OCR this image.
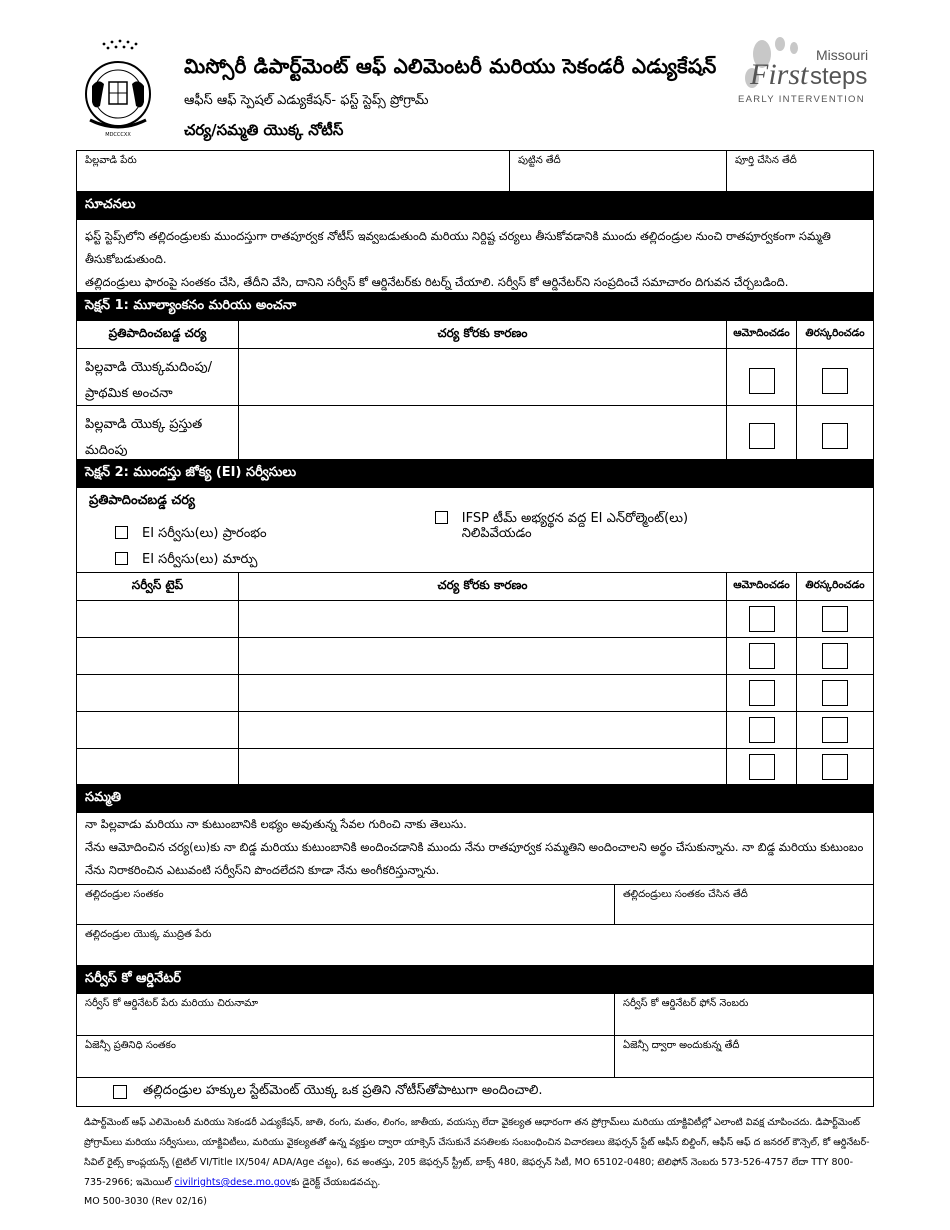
MDCCCXX
మిస్సోరీ డిపార్ట్‌మెంట్ ఆఫ్ ఎలిమెంటరీ మరియు సెకండరీ ఎడ్యుకేషన్
ఆఫీస్ ఆఫ్ స్పెషల్ ఎడ్యుకేషన్- ఫస్ట్ స్టెప్స్ ప్రోగ్రామ్
చర్య/సమ్మతి యొక్క నోటీస్
Missouri
First steps
EARLY INTERVENTION
పిల్లవాడి పేరు	పుట్టిన తేదీ	పూర్తి చేసిన తేదీ
సూచనలు
ఫస్ట్ స్టెప్స్‌లోని తల్లిదండ్రులకు ముందస్తుగా రాతపూర్వక నోటీస్ ఇవ్వబడుతుంది మరియు నిర్దిష్ట చర్యలు తీసుకోవడానికి ముందు తల్లిదండ్రుల నుంచి రాతపూర్వకంగా సమ్మతి తీసుకోబడుతుంది.
తల్లిదండ్రులు ఫారంపై సంతకం చేసి, తేదీని వేసి, దానిని సర్వీస్ కో ఆర్డినేటర్‌కు రిటర్న్ చేయాలి. సర్వీస్ కో ఆర్డినేటర్‌ని సంప్రదించే సమాచారం దిగువన చేర్చబడింది.
సెక్షన్ 1: మూల్యాంకనం మరియు అంచనా
ప్రతిపాదించబడ్డ చర్య	చర్య కోరకు కారణం	ఆమోదించడం	తిరస్కరించడం
పిల్లవాడి యొక్కమదింపు/ ప్రాథమిక అంచనా
పిల్లవాడి యొక్క ప్రస్తుత మదింపు
సెక్షన్ 2: ముందస్తు జోక్య (EI) సర్వీసులు
ప్రతిపాదించబడ్డ చర్య
EI సర్వీసు(లు) ప్రారంభం
EI సర్వీసు(లు) మార్పు
IFSP టీమ్ అభ్యర్థన వద్ద EI ఎన్‌రోల్మెంట్(లు) నిలిపివేయడం
సర్వీస్ టైప్	చర్య కోరకు కారణం	ఆమోదించడం	తిరస్కరించడం
సమ్మతి
నా పిల్లవాడు మరియు నా కుటుంబానికి లభ్యం అవుతున్న సేవల గురించి నాకు తెలుసు.
నేను ఆమోదించిన చర్య(లు)కు నా బిడ్డ మరియు కుటుంబానికి అందించడానికి ముందు నేను రాతపూర్వక సమ్మతిని అందించాలని అర్థం చేసుకున్నాను. నా బిడ్డ మరియు కుటుంబం నేను నిరాకరించిన ఎటువంటి సర్వీస్‌ని పొందలేదని కూడా నేను అంగీకరిస్తున్నాను.
తల్లిదండ్రుల సంతకం	తల్లిదండ్రులు సంతకం చేసిన తేదీ
తల్లిదండ్రుల యొక్క ముద్రిత పేరు
సర్వీస్ కో ఆర్డినేటర్
సర్వీస్ కో ఆర్డినేటర్ పేరు మరియు చిరునామా	సర్వీస్ కో ఆర్డినేటర్ ఫోన్ నెంబరు
ఏజెన్సీ ప్రతినిధి సంతకం	ఏజెన్సీ ద్వారా అందుకున్న తేదీ
తల్లిదండ్రుల హక్కుల స్టేట్‌మెంట్ యొక్క ఒక ప్రతిని నోటీస్‌తోపాటుగా అందించాలి.
డిపార్ట్‌మెంట్ ఆఫ్ ఎలిమెంటరీ మరియు సెకండరీ ఎడ్యుకేషన్, జాతి, రంగు, మతం, లింగం, జాతీయ, వయస్సు లేదా వైకల్యత ఆధారంగా తన ప్రోగ్రామ్‌లు మరియు యాక్టివిటీల్లో ఎలాంటి వివక్ష చూపించదు. డిపార్ట్‌మెంట్ ప్రోగ్రామ్‌లు మరియు సర్వీసులు, యాక్టివిటీలు, మరియు వైకల్యతతో ఉన్న వ్యక్తుల ద్వారా యాక్సెస్ చేసుకునే వసతిలకు సంబంధించిన విచారణలు జెఫర్సన్ స్టేట్ ఆఫీస్ బిల్డింగ్, ఆఫీస్ ఆఫ్ ద జనరల్ కౌన్సెల్, కో ఆర్డినేటర్- సివిల్ రైట్స్ కాంప్లయన్స్ (టైటిల్ VI/Title IX/504/ ADA/Age చట్టం), 6వ అంతస్తు, 205 జెఫర్సన్ స్ట్రీట్, బాక్స్ 480, జెఫర్సన్ సిటీ, MO 65102-0480; టెలిఫోన్ నెంబరు 573-526-4757 లేదా TTY 800-735-2966; ఇమెయిల్ civilrights@dese.mo.govకు డైరెక్ట్ చేయబడవచ్చు.
MO 500-3030 (Rev 02/16)
